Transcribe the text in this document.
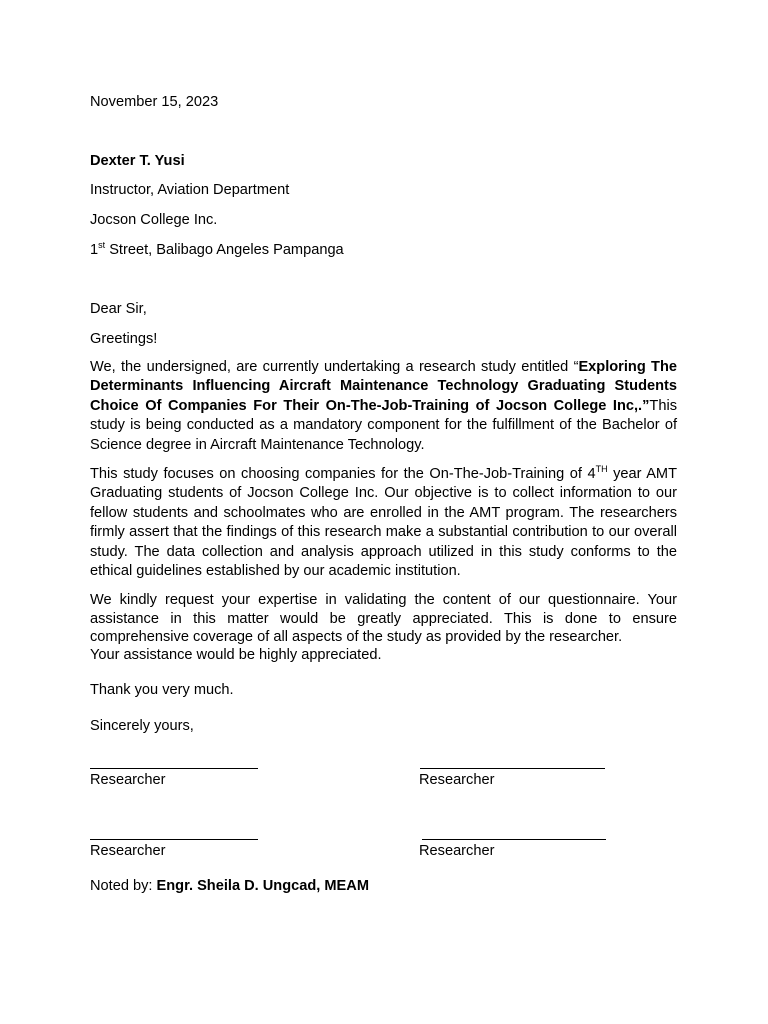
November 15, 2023
Dexter T. Yusi
Instructor, Aviation Department
Jocson College Inc.
1st Street, Balibago Angeles Pampanga
Dear Sir,
Greetings!
We, the undersigned, are currently undertaking a research study entitled “Exploring The Determinants Influencing Aircraft Maintenance Technology Graduating Students Choice Of Companies For Their On-The-Job-Training of Jocson College Inc,.”This study is being conducted as a mandatory component for the fulfillment of the Bachelor of Science degree in Aircraft Maintenance Technology.
This study focuses on choosing companies for the On-The-Job-Training of 4TH year AMT Graduating students of Jocson College Inc. Our objective is to collect information to our fellow students and schoolmates who are enrolled in the AMT program. The researchers firmly assert that the findings of this research make a substantial contribution to our overall study. The data collection and analysis approach utilized in this study conforms to the ethical guidelines established by our academic institution.
We kindly request your expertise in validating the content of our questionnaire. Your assistance in this matter would be greatly appreciated. This is done to ensure comprehensive coverage of all aspects of the study as provided by the researcher.
Your assistance would be highly appreciated.
Thank you very much.
Sincerely yours,
Researcher	Researcher
Researcher	Researcher
Noted by: Engr. Sheila D. Ungcad, MEAM
